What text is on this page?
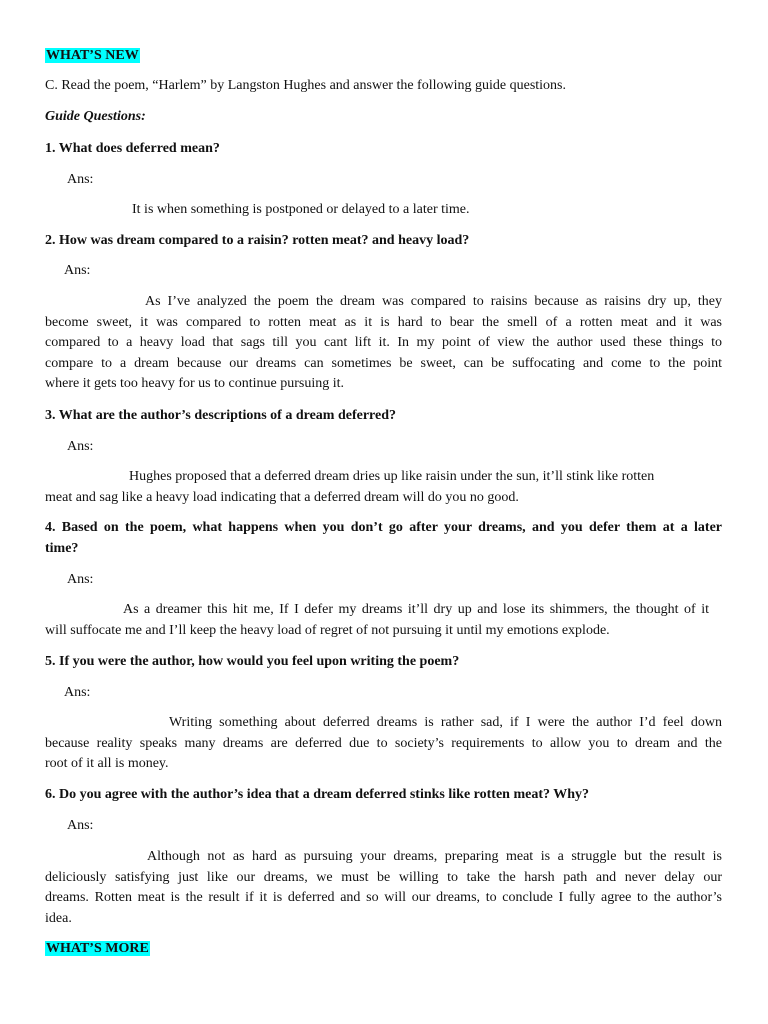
WHAT’S NEW
C. Read the poem, “Harlem” by Langston Hughes and answer the following guide questions.
Guide Questions:
1. What does deferred mean?
Ans:
It is when something is postponed or delayed to a later time.
2. How was dream compared to a raisin? rotten meat? and heavy load?
Ans:
As I’ve analyzed the poem the dream was compared to raisins because as raisins dry up, they
become sweet, it was compared to rotten meat as it is hard to bear the smell of a rotten meat and it was
compared to a heavy load that sags till you cant lift it. In my point of view the author used these things to
compare to a dream because our dreams can sometimes be sweet, can be suffocating and come to the point
where it gets too heavy for us to continue pursuing it.
3. What are the author’s descriptions of a dream deferred?
Ans:
Hughes proposed that a deferred dream dries up like raisin under the sun, it’ll stink like rotten
meat and sag like a heavy load indicating that a deferred dream will do you no good.
4. Based on the poem, what happens when you don’t go after your dreams, and you defer them at a later
time?
Ans:
As a dreamer this hit me, If I defer my dreams it’ll dry up and lose its shimmers, the thought of it
will suffocate me and I’ll keep the heavy load of regret of not pursuing it until my emotions explode.
5. If you were the author, how would you feel upon writing the poem?
Ans:
Writing something about deferred dreams is rather sad, if I were the author I’d feel down
because reality speaks many dreams are deferred due to society’s requirements to allow you to dream and the
root of it all is money.
6. Do you agree with the author’s idea that a dream deferred stinks like rotten meat? Why?
Ans:
Although not as hard as pursuing your dreams, preparing meat is a struggle but the result is
deliciously satisfying just like our dreams, we must be willing to take the harsh path and never delay our
dreams. Rotten meat is the result if it is deferred and so will our dreams, to conclude I fully agree to the author’s
idea.
WHAT’S MORE
